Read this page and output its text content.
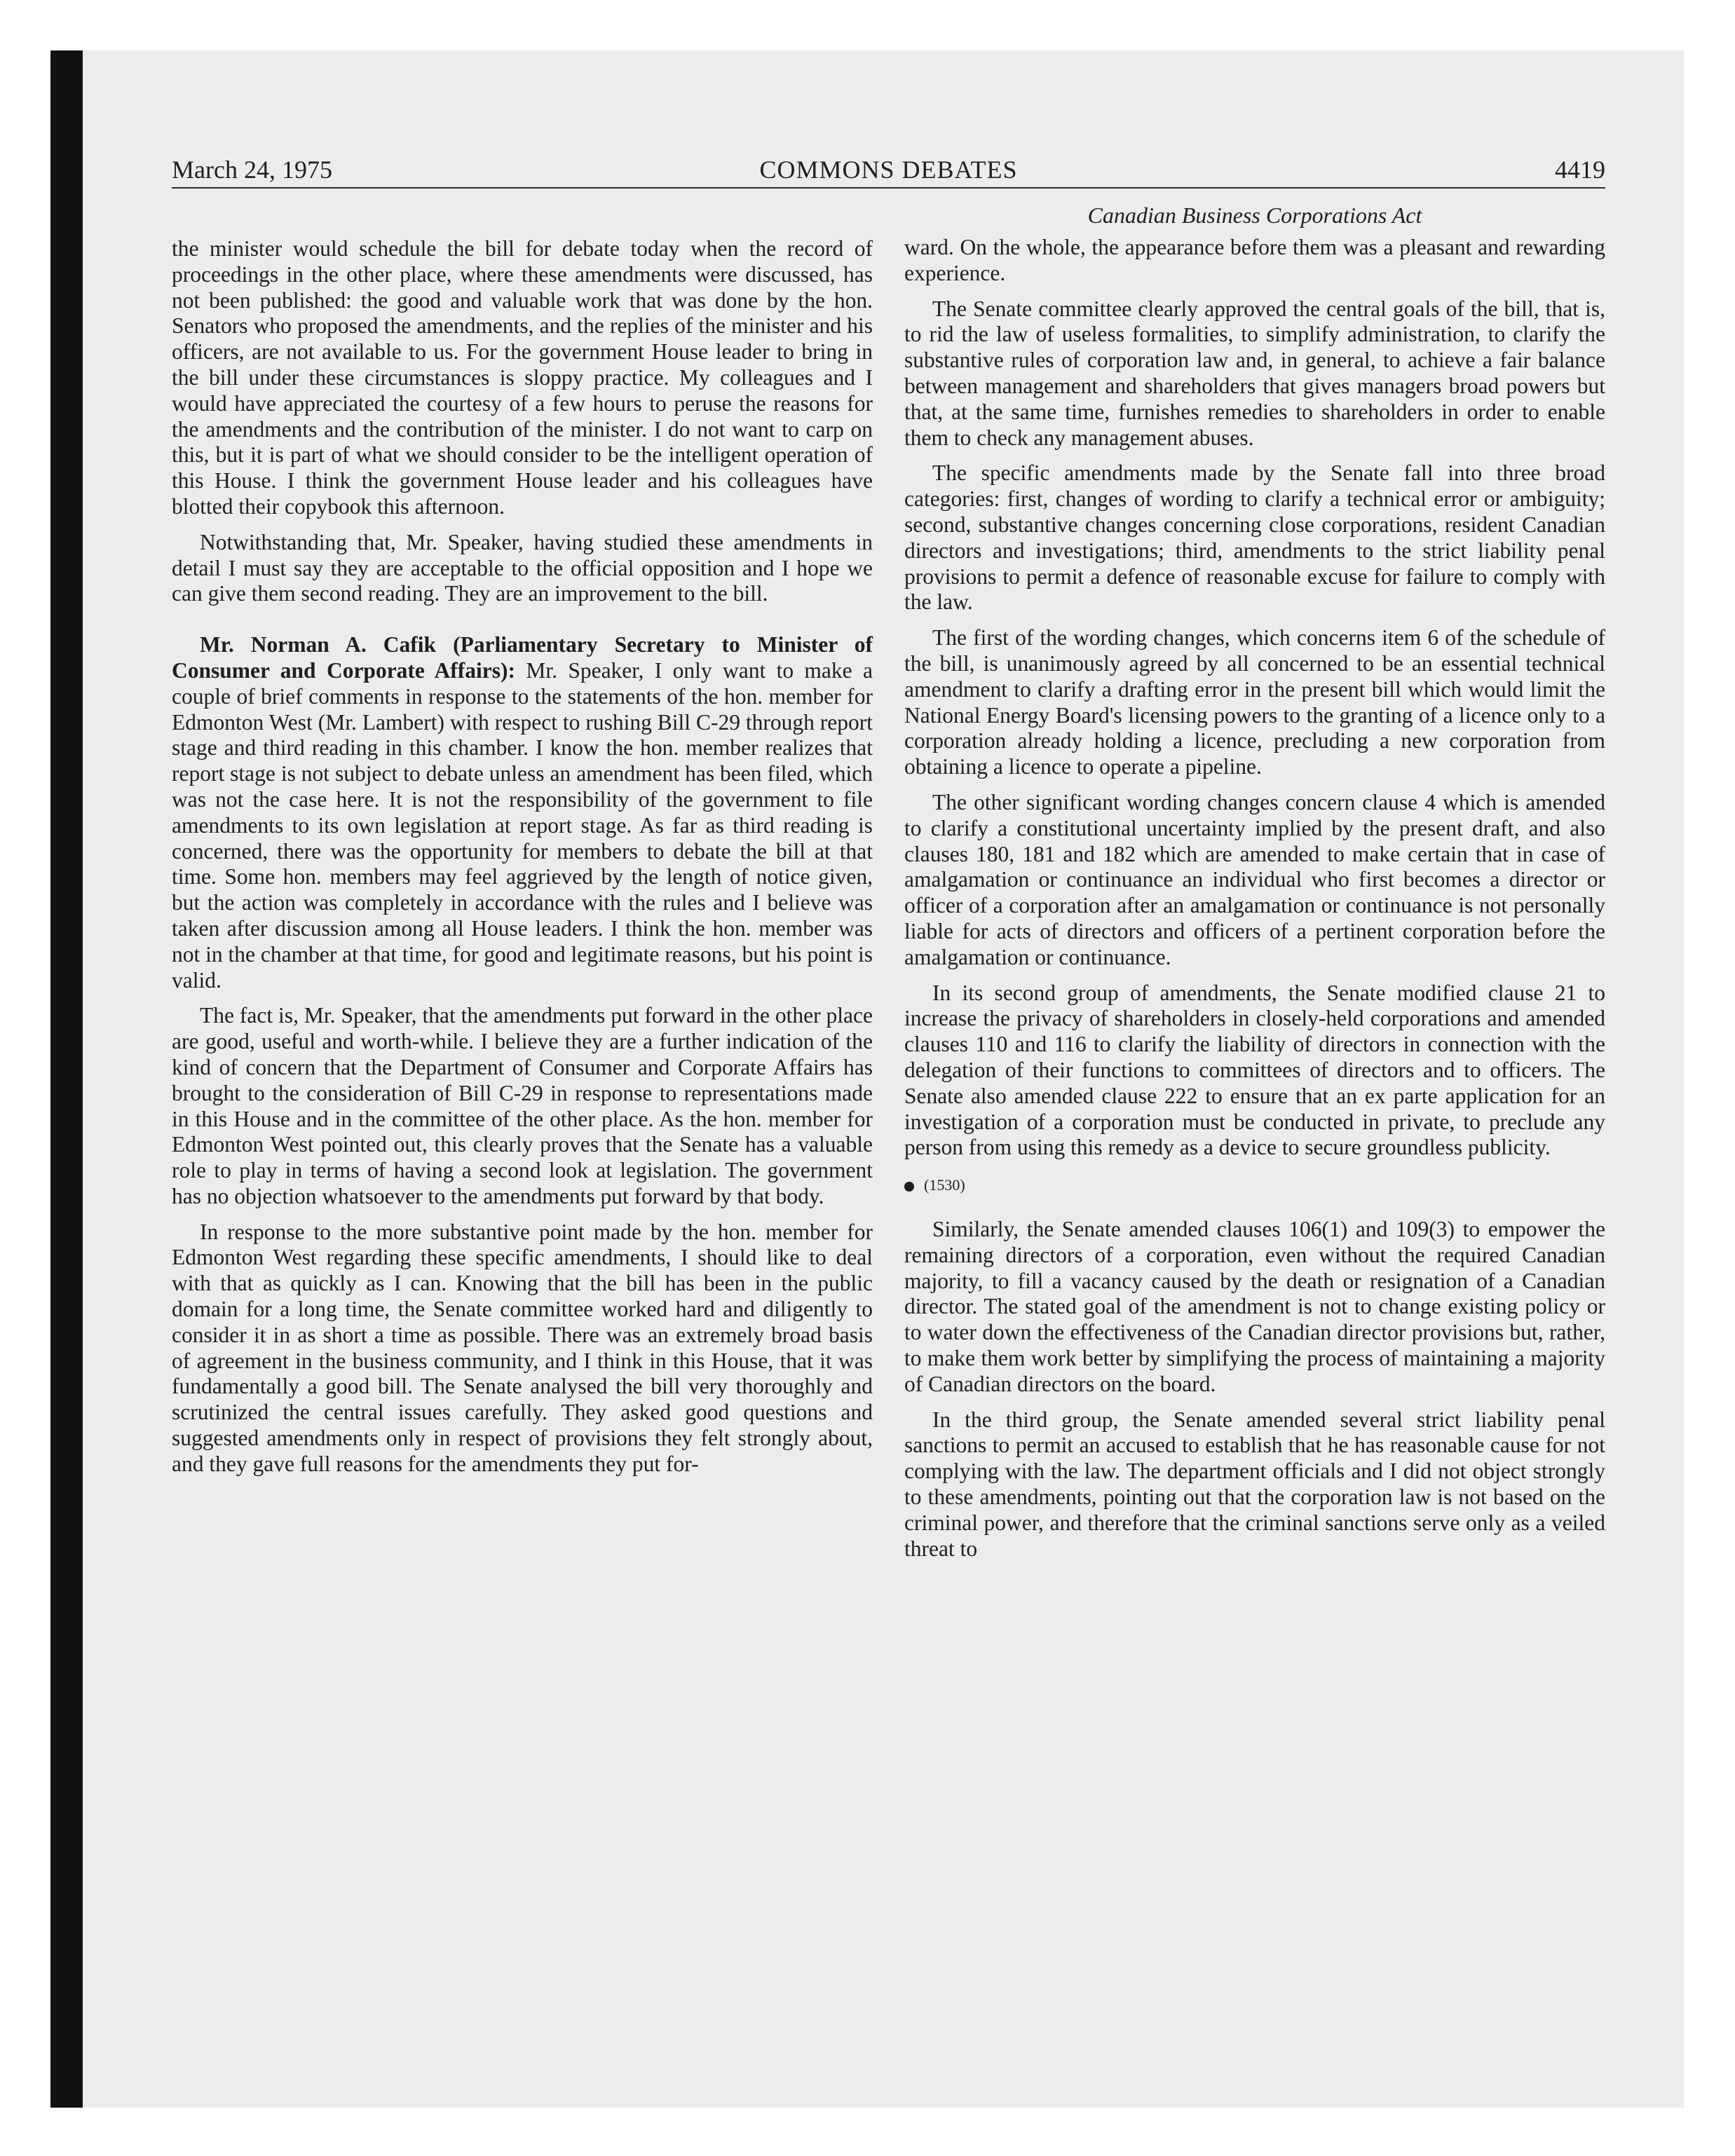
March 24, 1975	COMMONS DEBATES	4419

the minister would schedule the bill for debate today when the record of proceedings in the other place, where these amendments were discussed, has not been published: the good and valuable work that was done by the hon. Senators who proposed the amendments, and the replies of the minister and his officers, are not available to us. For the government House leader to bring in the bill under these circumstances is sloppy practice. My colleagues and I would have appreciated the courtesy of a few hours to peruse the reasons for the amendments and the contribution of the minister. I do not want to carp on this, but it is part of what we should consider to be the intelligent operation of this House. I think the government House leader and his colleagues have blotted their copybook this afternoon.

Notwithstanding that, Mr. Speaker, having studied these amendments in detail I must say they are acceptable to the official opposition and I hope we can give them second reading. They are an improvement to the bill.

Mr. Norman A. Cafik (Parliamentary Secretary to Minister of Consumer and Corporate Affairs): Mr. Speaker, I only want to make a couple of brief comments in response to the statements of the hon. member for Edmonton West (Mr. Lambert) with respect to rushing Bill C-29 through report stage and third reading in this chamber. I know the hon. member realizes that report stage is not subject to debate unless an amendment has been filed, which was not the case here. It is not the responsibility of the government to file amendments to its own legislation at report stage. As far as third reading is concerned, there was the opportunity for members to debate the bill at that time. Some hon. members may feel aggrieved by the length of notice given, but the action was completely in accordance with the rules and I believe was taken after discussion among all House leaders. I think the hon. member was not in the chamber at that time, for good and legitimate reasons, but his point is valid.

The fact is, Mr. Speaker, that the amendments put forward in the other place are good, useful and worth-while. I believe they are a further indication of the kind of concern that the Department of Consumer and Corporate Affairs has brought to the consideration of Bill C-29 in response to representations made in this House and in the committee of the other place. As the hon. member for Edmonton West pointed out, this clearly proves that the Senate has a valuable role to play in terms of having a second look at legislation. The government has no objection whatsoever to the amendments put forward by that body.

In response to the more substantive point made by the hon. member for Edmonton West regarding these specific amendments, I should like to deal with that as quickly as I can. Knowing that the bill has been in the public domain for a long time, the Senate committee worked hard and diligently to consider it in as short a time as possible. There was an extremely broad basis of agreement in the business community, and I think in this House, that it was fundamentally a good bill. The Senate analysed the bill very thoroughly and scrutinized the central issues carefully. They asked good questions and suggested amendments only in respect of provisions they felt strongly about, and they gave full reasons for the amendments they put for-

Canadian Business Corporations Act

ward. On the whole, the appearance before them was a pleasant and rewarding experience.

The Senate committee clearly approved the central goals of the bill, that is, to rid the law of useless formalities, to simplify administration, to clarify the substantive rules of corporation law and, in general, to achieve a fair balance between management and shareholders that gives managers broad powers but that, at the same time, furnishes remedies to shareholders in order to enable them to check any management abuses.

The specific amendments made by the Senate fall into three broad categories: first, changes of wording to clarify a technical error or ambiguity; second, substantive changes concerning close corporations, resident Canadian directors and investigations; third, amendments to the strict liability penal provisions to permit a defence of reasonable excuse for failure to comply with the law.

The first of the wording changes, which concerns item 6 of the schedule of the bill, is unanimously agreed by all concerned to be an essential technical amendment to clarify a drafting error in the present bill which would limit the National Energy Board's licensing powers to the granting of a licence only to a corporation already holding a licence, precluding a new corporation from obtaining a licence to operate a pipeline.

The other significant wording changes concern clause 4 which is amended to clarify a constitutional uncertainty implied by the present draft, and also clauses 180, 181 and 182 which are amended to make certain that in case of amalgamation or continuance an individual who first becomes a director or officer of a corporation after an amalgamation or continuance is not personally liable for acts of directors and officers of a pertinent corporation before the amalgamation or continuance.

In its second group of amendments, the Senate modified clause 21 to increase the privacy of shareholders in closely-held corporations and amended clauses 110 and 116 to clarify the liability of directors in connection with the delegation of their functions to committees of directors and to officers. The Senate also amended clause 222 to ensure that an ex parte application for an investigation of a corporation must be conducted in private, to preclude any person from using this remedy as a device to secure groundless publicity.

(1530)

Similarly, the Senate amended clauses 106(1) and 109(3) to empower the remaining directors of a corporation, even without the required Canadian majority, to fill a vacancy caused by the death or resignation of a Canadian director. The stated goal of the amendment is not to change existing policy or to water down the effectiveness of the Canadian director provisions but, rather, to make them work better by simplifying the process of maintaining a majority of Canadian directors on the board.

In the third group, the Senate amended several strict liability penal sanctions to permit an accused to establish that he has reasonable cause for not complying with the law. The department officials and I did not object strongly to these amendments, pointing out that the corporation law is not based on the criminal power, and therefore that the criminal sanctions serve only as a veiled threat to
